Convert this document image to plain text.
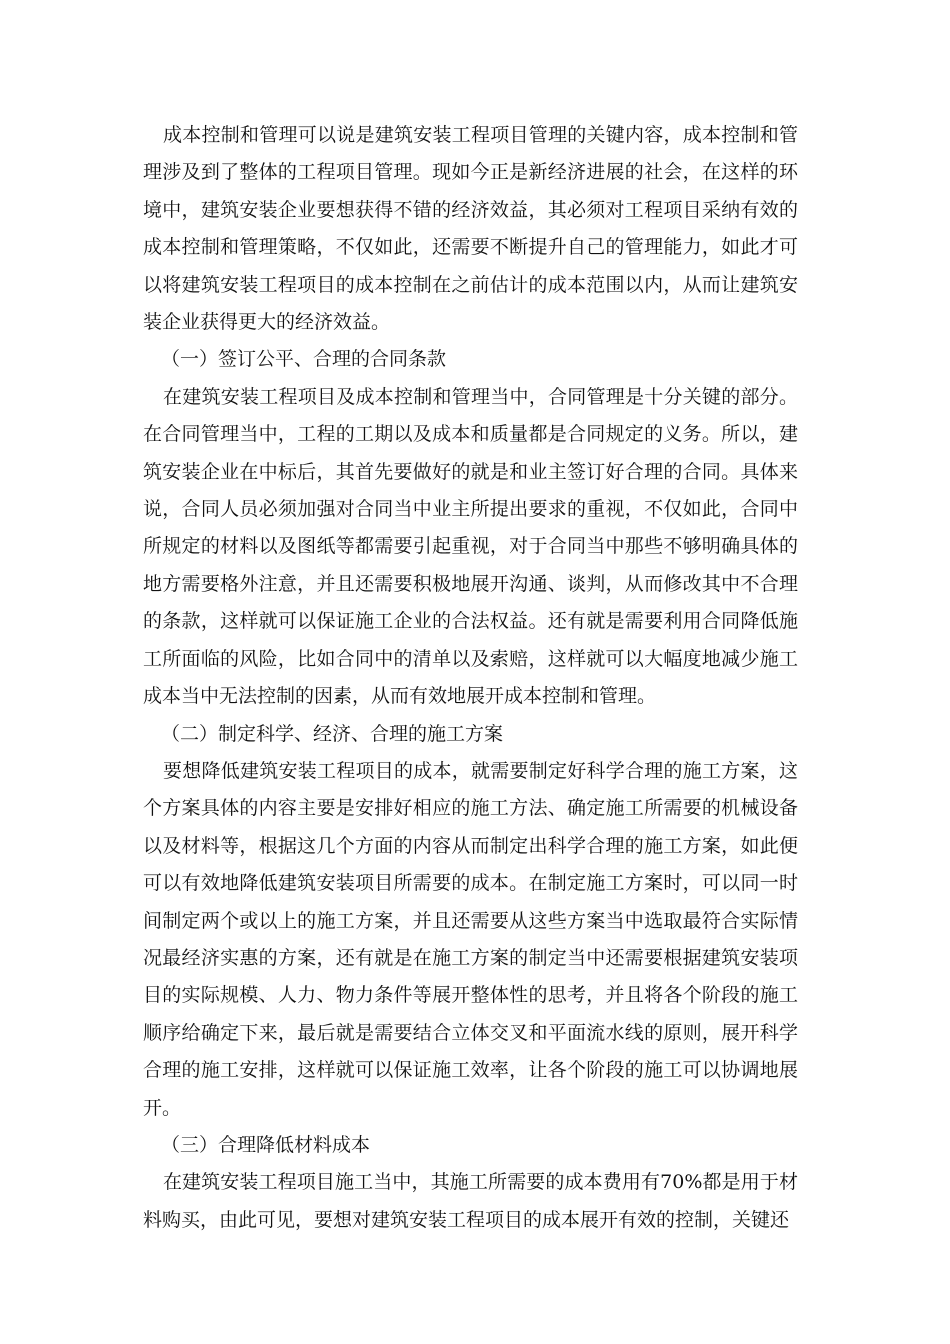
成本控制和管理可以说是建筑安装工程项目管理的关键内容，成本控制和管理涉及到了整体的工程项目管理。现如今正是新经济进展的社会，在这样的环境中，建筑安装企业要想获得不错的经济效益，其必须对工程项目采纳有效的成本控制和管理策略，不仅如此，还需要不断提升自己的管理能力，如此才可以将建筑安装工程项目的成本控制在之前估计的成本范围以内，从而让建筑安装企业获得更大的经济效益。

（一）签订公平、合理的合同条款

在建筑安装工程项目及成本控制和管理当中，合同管理是十分关键的部分。在合同管理当中，工程的工期以及成本和质量都是合同规定的义务。所以，建筑安装企业在中标后，其首先要做好的就是和业主签订好合理的合同。具体来说，合同人员必须加强对合同当中业主所提出要求的重视，不仅如此，合同中所规定的材料以及图纸等都需要引起重视，对于合同当中那些不够明确具体的地方需要格外注意，并且还需要积极地展开沟通、谈判，从而修改其中不合理的条款，这样就可以保证施工企业的合法权益。还有就是需要利用合同降低施工所面临的风险，比如合同中的清单以及索赔，这样就可以大幅度地减少施工成本当中无法控制的因素，从而有效地展开成本控制和管理。

（二）制定科学、经济、合理的施工方案

要想降低建筑安装工程项目的成本，就需要制定好科学合理的施工方案，这个方案具体的内容主要是安排好相应的施工方法、确定施工所需要的机械设备以及材料等，根据这几个方面的内容从而制定出科学合理的施工方案，如此便可以有效地降低建筑安装项目所需要的成本。在制定施工方案时，可以同一时间制定两个或以上的施工方案，并且还需要从这些方案当中选取最符合实际情况最经济实惠的方案，还有就是在施工方案的制定当中还需要根据建筑安装项目的实际规模、人力、物力条件等展开整体性的思考，并且将各个阶段的施工顺序给确定下来，最后就是需要结合立体交叉和平面流水线的原则，展开科学合理的施工安排，这样就可以保证施工效率，让各个阶段的施工可以协调地展开。

（三）合理降低材料成本

在建筑安装工程项目施工当中，其施工所需要的成本费用有70%都是用于材料购买，由此可见，要想对建筑安装工程项目的成本展开有效的控制，关键还
